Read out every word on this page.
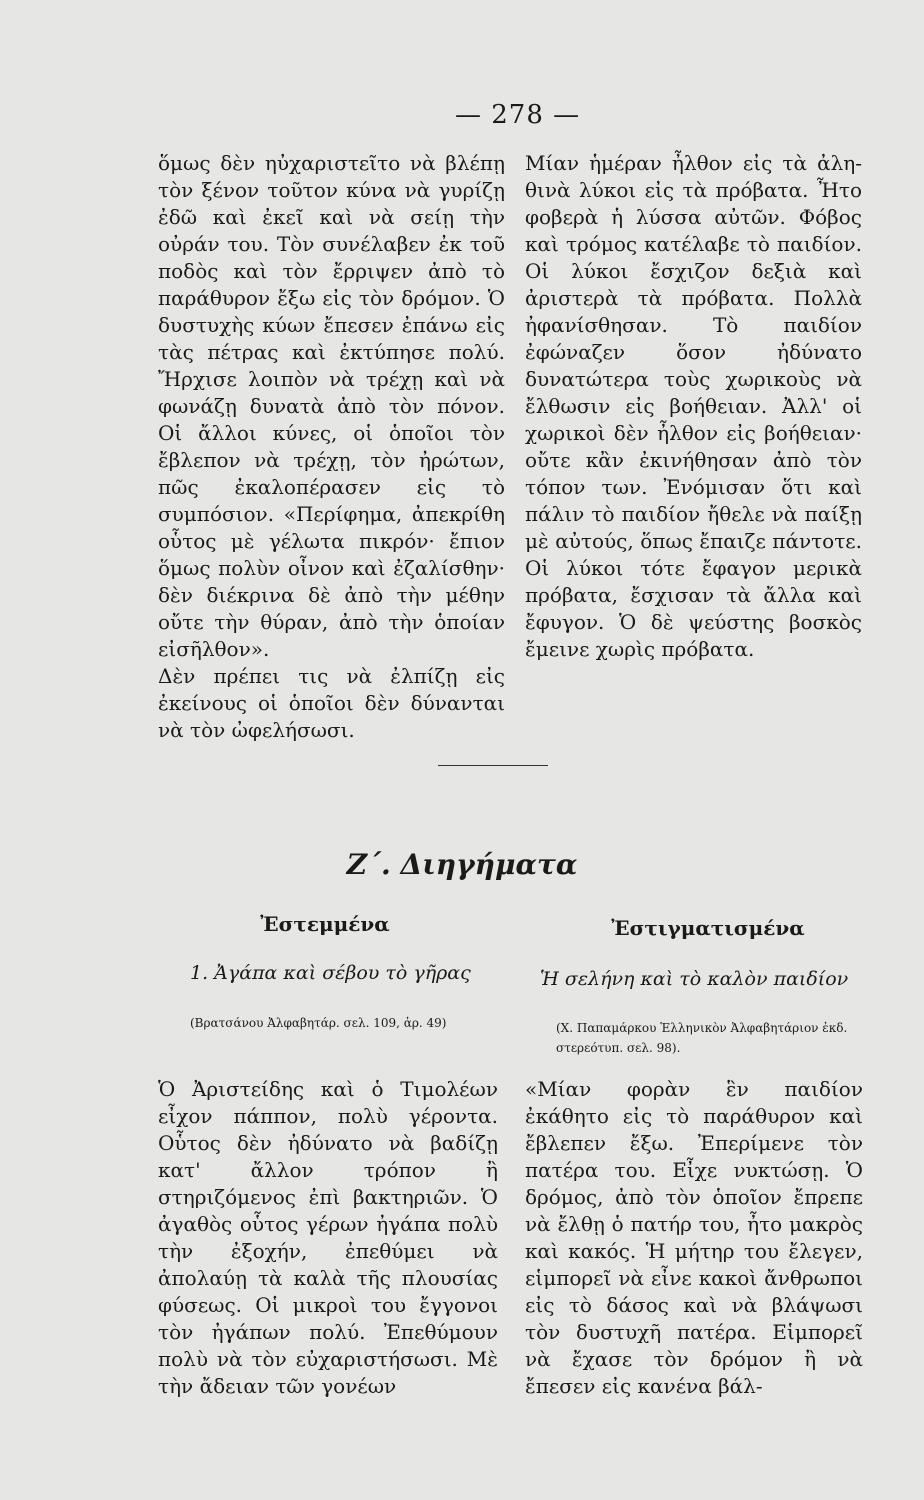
— 278 —

ὅμως δὲν ηὐχαριστεῖτο νὰ βλέπῃ τὸν ξένον τοῦτον κύνα νὰ γυρίζῃ ἐδῶ καὶ ἐκεῖ καὶ νὰ σείῃ τὴν οὐράν του. Τὸν συνέλαβεν ἐκ τοῦ ποδὸς καὶ τὸν ἔρριψεν ἀπὸ τὸ παράθυρον ἔξω εἰς τὸν δρόμον. Ὁ δυστυχὴς κύων ἔπεσεν ἐπάνω εἰς τὰς πέτρας καὶ ἐκτύπησε πολύ. Ἤρχισε λοιπὸν νὰ τρέχῃ καὶ νὰ φωνάζῃ δυνατὰ ἀπὸ τὸν πόνον. Οἱ ἄλλοι κύνες, οἱ ὁποῖοι τὸν ἔβλεπον νὰ τρέχῃ, τὸν ἠρώτων, πῶς ἐκαλοπέρασεν εἰς τὸ συμπόσιον. «Περίφημα, ἀπεκρίθη οὗτος μὲ γέλωτα πικρόν· ἔπιον ὅμως πολὺν οἶνον καὶ ἐζαλίσθην· δὲν διέκρινα δὲ ἀπὸ τὴν μέθην οὔτε τὴν θύραν, ἀπὸ τὴν ὁποίαν εἰσῆλθον».

Δὲν πρέπει τις νὰ ἐλπίζῃ εἰς ἐκείνους οἱ ὁποῖοι δὲν δύνανται νὰ τὸν ὠφελήσωσι.

Μίαν ἡμέραν ἦλθον εἰς τὰ ἀληθινὰ λύκοι εἰς τὰ πρόβατα. Ἦτο φοβερὰ ἡ λύσσα αὐτῶν. Φόβος καὶ τρόμος κατέλαβε τὸ παιδίον. Οἱ λύκοι ἔσχιζον δεξιὰ καὶ ἀριστερὰ τὰ πρόβατα. Πολλὰ ἠφανίσθησαν. Τὸ παιδίον ἐφώναζεν ὅσον ἠδύνατο δυνατώτερα τοὺς χωρικοὺς νὰ ἔλθωσιν εἰς βοήθειαν. Ἀλλ' οἱ χωρικοὶ δὲν ἦλθον εἰς βοήθειαν· οὔτε κἂν ἐκινήθησαν ἀπὸ τὸν τόπον των. Ἐνόμισαν ὅτι καὶ πάλιν τὸ παιδίον ἤθελε νὰ παίξῃ μὲ αὐτούς, ὅπως ἔπαιζε πάντοτε. Οἱ λύκοι τότε ἔφαγον μερικὰ πρόβατα, ἔσχισαν τὰ ἄλλα καὶ ἔφυγον. Ὁ δὲ ψεύστης βοσκὸς ἔμεινε χωρὶς πρόβατα.

Ζ΄. Διηγήματα
Ἐστεμμένα	Ἐστιγματισμένα
1. Ἀγάπα καὶ σέβου τὸ γῆρας	Ἡ σελήνη καὶ τὸ καλὸν παιδίον
(Βρατσάνου Ἀλφαβητάρ. σελ. 109, ἀρ. 49)	(Χ. Παπαμάρκου Ἑλληνικὸν Ἀλφαβητάριον ἐκδ. στερεότυπ. σελ. 98).

Ὁ Ἀριστείδης καὶ ὁ Τιμολέων εἶχον πάππον, πολὺ γέροντα. Οὗτος δὲν ἠδύνατο νὰ βαδίζῃ κατ' ἄλλον τρόπον ἢ στηριζόμενος ἐπὶ βακτηριῶν. Ὁ ἀγαθὸς οὗτος γέρων ἠγάπα πολὺ τὴν ἐξοχήν, ἐπεθύμει νὰ ἀπολαύῃ τὰ καλὰ τῆς πλουσίας φύσεως. Οἱ μικροὶ του ἔγγονοι τὸν ἠγάπων πολύ. Ἐπεθύμουν πολὺ νὰ τὸν εὐχαριστήσωσι. Μὲ τὴν ἄδειαν τῶν γονέων

«Μίαν φορὰν ἓν παιδίον ἐκάθητο εἰς τὸ παράθυρον καὶ ἔβλεπεν ἔξω. Ἐπερίμενε τὸν πατέρα του. Εἶχε νυκτώσῃ. Ὁ δρόμος, ἀπὸ τὸν ὁποῖον ἔπρεπε νὰ ἔλθῃ ὁ πατήρ του, ἦτο μακρὸς καὶ κακός. Ἡ μήτηρ του ἔλεγεν, εἱμπορεῖ νὰ εἶνε κακοὶ ἄνθρωποι εἰς τὸ δάσος καὶ νὰ βλάψωσι τὸν δυστυχῆ πατέρα. Εἱμπορεῖ νὰ ἔχασε τὸν δρόμον ἢ νὰ ἔπεσεν εἰς κανένα βάλ-
